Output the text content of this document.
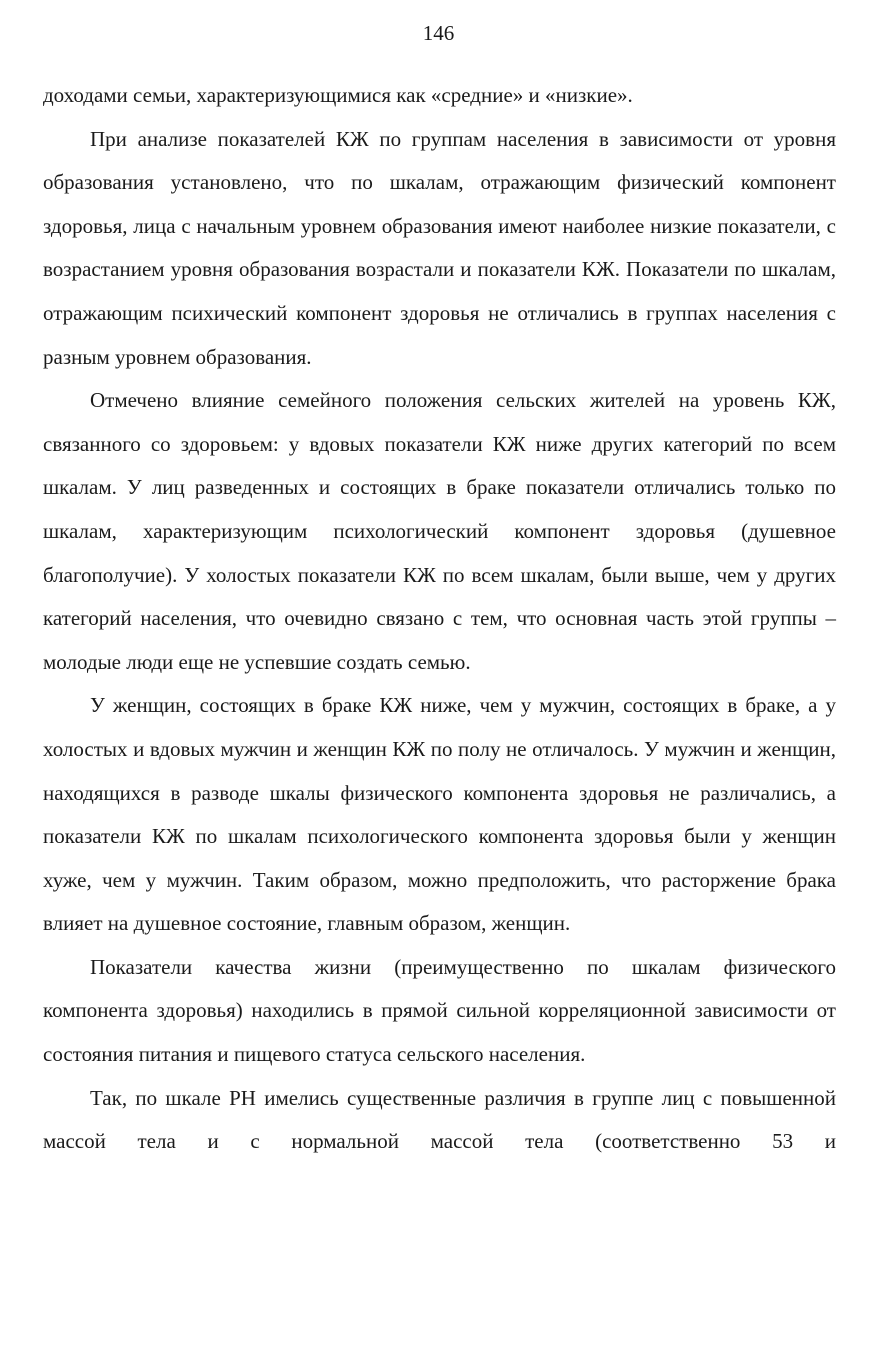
146

доходами семьи, характеризующимися как «средние» и «низкие».

При анализе показателей КЖ по группам населения в зависимости от уровня образования установлено, что по шкалам, отражающим физический компонент здоровья, лица с начальным уровнем образования имеют наиболее низкие показатели, с возрастанием уровня образования возрастали и показатели КЖ. Показатели по шкалам, отражающим психический компонент здоровья не отличались в группах населения с разным уровнем образования.

Отмечено влияние семейного положения сельских жителей на уровень КЖ, связанного со здоровьем: у вдовых показатели КЖ ниже других категорий по всем шкалам. У лиц разведенных и состоящих в браке показатели отличались только по шкалам, характеризующим психологический компонент здоровья (душевное благополучие). У холостых показатели КЖ по всем шкалам, были выше, чем у других категорий населения, что очевидно связано с тем, что основная часть этой группы – молодые люди еще не успевшие создать семью.

У женщин, состоящих в браке КЖ ниже, чем у мужчин, состоящих в браке, а у холостых и вдовых мужчин и женщин КЖ по полу не отличалось. У мужчин и женщин, находящихся в разводе шкалы физического компонента здоровья не различались, а показатели КЖ по шкалам психологического компонента здоровья были у женщин хуже, чем у мужчин. Таким образом, можно предположить, что расторжение брака влияет на душевное состояние, главным образом, женщин.

Показатели качества жизни (преимущественно по шкалам физического компонента здоровья) находились в прямой сильной корреляционной зависимости от состояния питания и пищевого статуса сельского населения.

Так, по шкале РН имелись существенные различия в группе лиц с повышенной массой тела и с нормальной массой тела (соответственно 53 и
